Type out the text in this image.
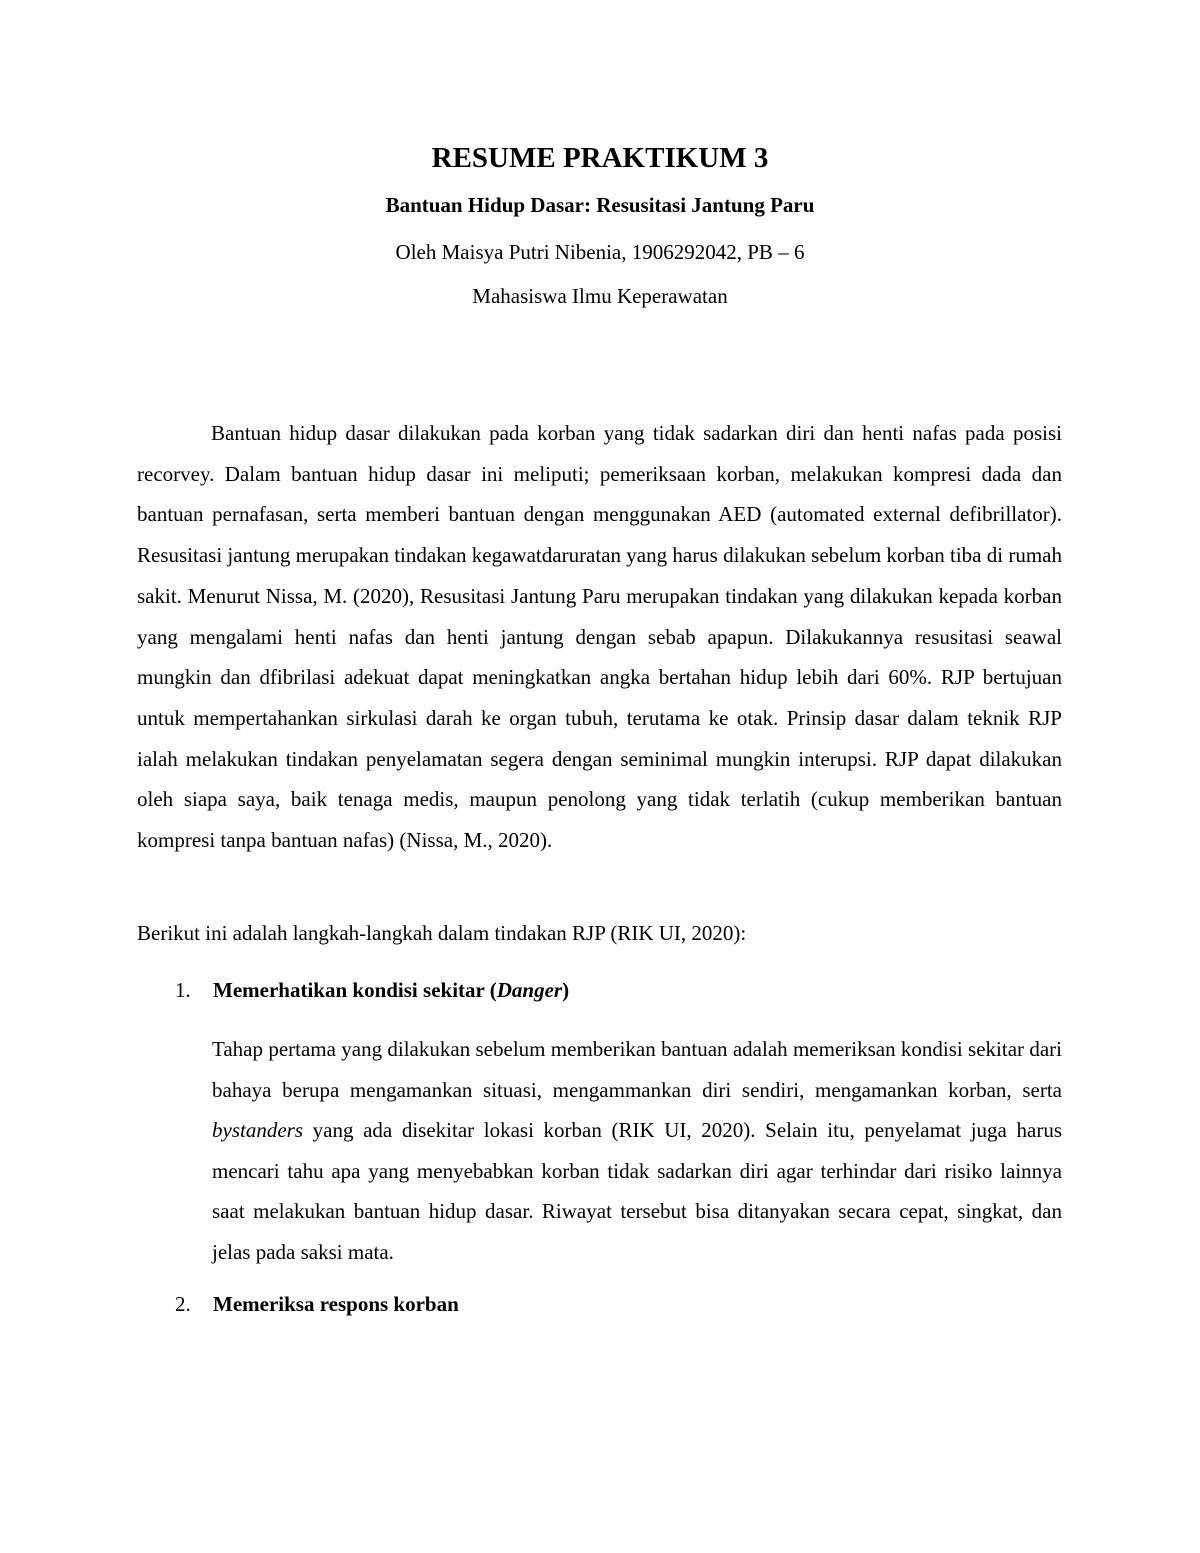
RESUME PRAKTIKUM 3
Bantuan Hidup Dasar: Resusitasi Jantung Paru
Oleh Maisya Putri Nibenia, 1906292042, PB – 6
Mahasiswa Ilmu Keperawatan

Bantuan hidup dasar dilakukan pada korban yang tidak sadarkan diri dan henti nafas pada posisi recorvey. Dalam bantuan hidup dasar ini meliputi; pemeriksaan korban, melakukan kompresi dada dan bantuan pernafasan, serta memberi bantuan dengan menggunakan AED (automated external defibrillator). Resusitasi jantung merupakan tindakan kegawatdaruratan yang harus dilakukan sebelum korban tiba di rumah sakit. Menurut Nissa, M. (2020), Resusitasi Jantung Paru merupakan tindakan yang dilakukan kepada korban yang mengalami henti nafas dan henti jantung dengan sebab apapun. Dilakukannya resusitasi seawal mungkin dan dfibrilasi adekuat dapat meningkatkan angka bertahan hidup lebih dari 60%. RJP bertujuan untuk mempertahankan sirkulasi darah ke organ tubuh, terutama ke otak. Prinsip dasar dalam teknik RJP ialah melakukan tindakan penyelamatan segera dengan seminimal mungkin interupsi. RJP dapat dilakukan oleh siapa saya, baik tenaga medis, maupun penolong yang tidak terlatih (cukup memberikan bantuan kompresi tanpa bantuan nafas) (Nissa, M., 2020).

Berikut ini adalah langkah-langkah dalam tindakan RJP (RIK UI, 2020):

1. Memerhatikan kondisi sekitar (Danger)

Tahap pertama yang dilakukan sebelum memberikan bantuan adalah memeriksan kondisi sekitar dari bahaya berupa mengamankan situasi, mengammankan diri sendiri, mengamankan korban, serta bystanders yang ada disekitar lokasi korban (RIK UI, 2020). Selain itu, penyelamat juga harus mencari tahu apa yang menyebabkan korban tidak sadarkan diri agar terhindar dari risiko lainnya saat melakukan bantuan hidup dasar. Riwayat tersebut bisa ditanyakan secara cepat, singkat, dan jelas pada saksi mata.

2. Memeriksa respons korban
